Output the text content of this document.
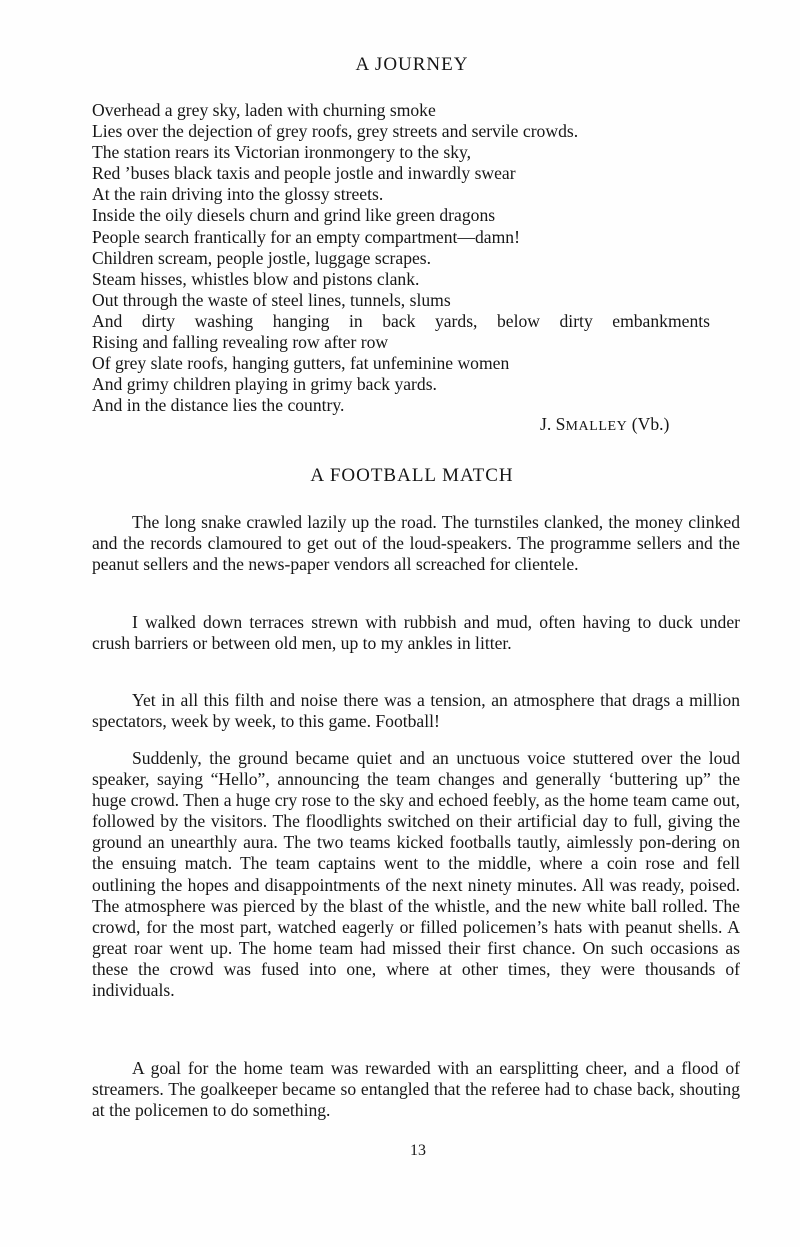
A JOURNEY
Overhead a grey sky, laden with churning smoke
Lies over the dejection of grey roofs, grey streets and servile crowds.
The station rears its Victorian ironmongery to the sky,
Red ’buses black taxis and people jostle and inwardly swear
At the rain driving into the glossy streets.
Inside the oily diesels churn and grind like green dragons
People search frantically for an empty compartment—damn!
Children scream, people jostle, luggage scrapes.
Steam hisses, whistles blow and pistons clank.
Out through the waste of steel lines, tunnels, slums
And dirty washing hanging in back yards, below dirty embankments
Rising and falling revealing row after row
Of grey slate roofs, hanging gutters, fat unfeminine women
And grimy children playing in grimy back yards.
And in the distance lies the country.
J. SMALLEY (Vb.)
A FOOTBALL MATCH

The long snake crawled lazily up the road. The turnstiles clanked, the money clinked and the records clamoured to get out of the loud-speakers. The programme sellers and the peanut sellers and the news-paper vendors all screached for clientele.

I walked down terraces strewn with rubbish and mud, often having to duck under crush barriers or between old men, up to my ankles in litter.

Yet in all this filth and noise there was a tension, an atmosphere that drags a million spectators, week by week, to this game. Football!

Suddenly, the ground became quiet and an unctuous voice stuttered over the loud speaker, saying “Hello”, announcing the team changes and generally ‘buttering up” the huge crowd. Then a huge cry rose to the sky and echoed feebly, as the home team came out, followed by the visitors. The floodlights switched on their artificial day to full, giving the ground an unearthly aura. The two teams kicked footballs tautly, aimlessly pon-dering on the ensuing match. The team captains went to the middle, where a coin rose and fell outlining the hopes and disappointments of the next ninety minutes. All was ready, poised. The atmosphere was pierced by the blast of the whistle, and the new white ball rolled. The crowd, for the most part, watched eagerly or filled policemen’s hats with peanut shells. A great roar went up. The home team had missed their first chance. On such occasions as these the crowd was fused into one, where at other times, they were thousands of individuals.

A goal for the home team was rewarded with an earsplitting cheer, and a flood of streamers. The goalkeeper became so entangled that the referee had to chase back, shouting at the policemen to do something.

13
